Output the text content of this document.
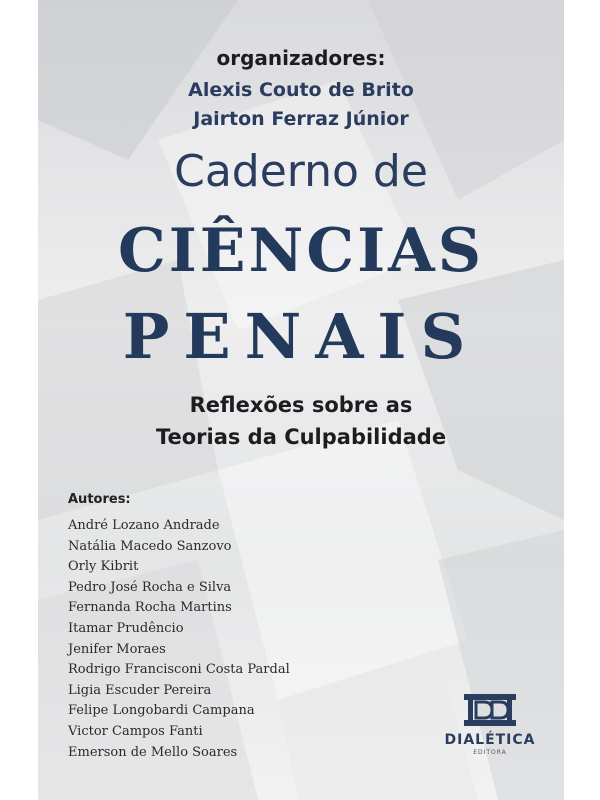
organizadores:
Alexis Couto de Brito
Jairton Ferraz Júnior
Caderno de
CIÊNCIAS
PENAIS
Reflexões sobre as
Teorias da Culpabilidade
Autores:
André Lozano Andrade
Natália Macedo Sanzovo
Orly Kibrit
Pedro José Rocha e Silva
Fernanda Rocha Martins
Itamar Prudêncio
Jenifer Moraes
Rodrigo Francisconi Costa Pardal
Ligia Escuder Pereira
Felipe Longobardi Campana
Victor Campos Fanti
Emerson de Mello Soares
DIALÉTICA
EDITORA
